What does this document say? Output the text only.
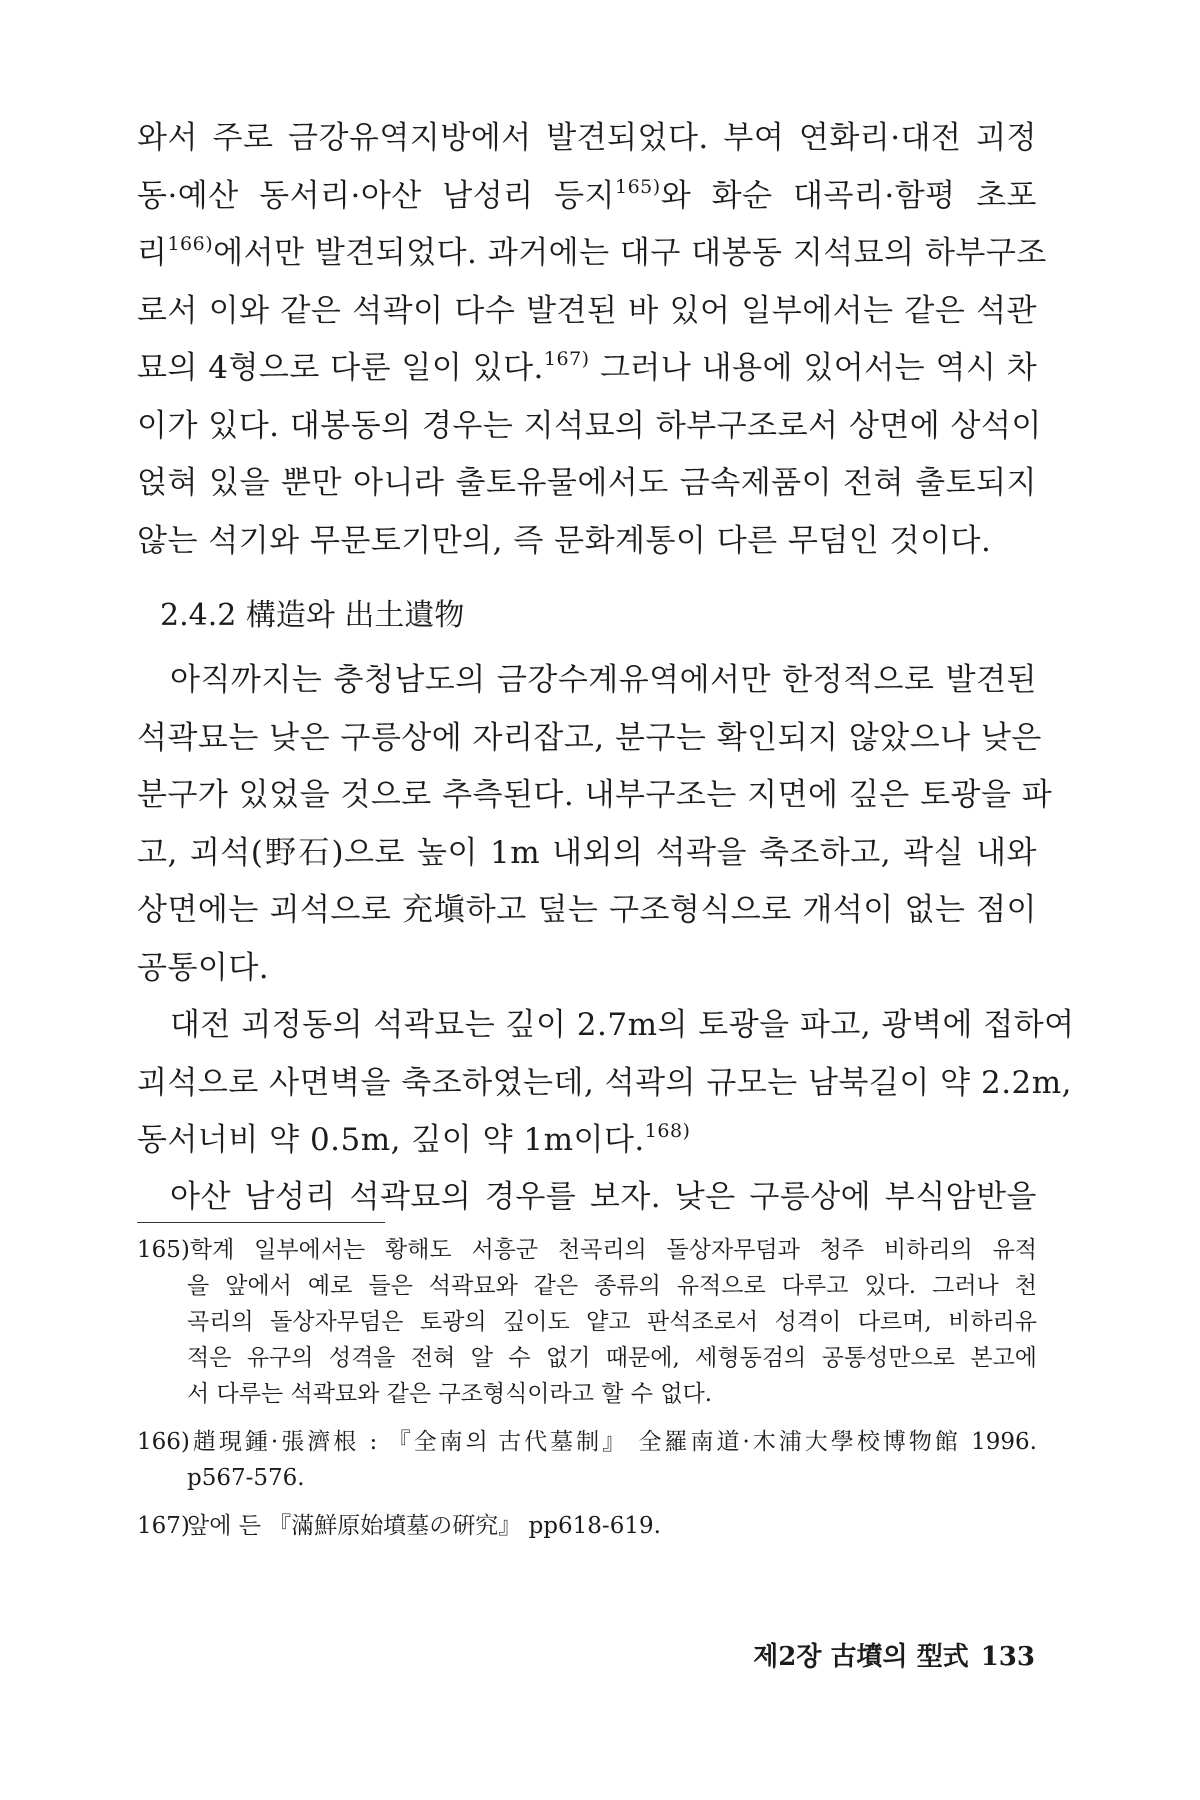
와서 주로 금강유역지방에서 발견되었다. 부여 연화리·대전 괴정
동·예산 동서리·아산 남성리 등지$^{165)}$와 화순 대곡리·함평 초포
리$^{166)}$에서만 발견되었다. 과거에는 대구 대봉동 지석묘의 하부구조
로서 이와 같은 석곽이 다수 발견된 바 있어 일부에서는 같은 석관
묘의 4형으로 다룬 일이 있다.$^{167)}$ 그러나 내용에 있어서는 역시 차
이가 있다. 대봉동의 경우는 지석묘의 하부구조로서 상면에 상석이
얹혀 있을 뿐만 아니라 출토유물에서도 금속제품이 전혀 출토되지
않는 석기와 무문토기만의, 즉 문화계통이 다른 무덤인 것이다.
2.4.2 構造와 出土遺物
아직까지는 충청남도의 금강수계유역에서만 한정적으로 발견된
석곽묘는 낮은 구릉상에 자리잡고, 분구는 확인되지 않았으나 낮은
분구가 있었을 것으로 추측된다. 내부구조는 지면에 깊은 토광을 파
고, 괴석(野石)으로 높이 1m 내외의 석곽을 축조하고, 곽실 내와
상면에는 괴석으로 充塡하고 덮는 구조형식으로 개석이 없는 점이
공통이다.
대전 괴정동의 석곽묘는 깊이 2.7m의 토광을 파고, 광벽에 접하여
괴석으로 사면벽을 축조하였는데, 석곽의 규모는 남북길이 약 2.2m,
동서너비 약 0.5m, 깊이 약 1m이다.$^{168)}$
아산 남성리 석곽묘의 경우를 보자. 낮은 구릉상에 부식암반을
165)학계 일부에서는 황해도 서흥군 천곡리의 돌상자무덤과 청주 비하리의 유적
을 앞에서 예로 들은 석곽묘와 같은 종류의 유적으로 다루고 있다. 그러나 천
곡리의 돌상자무덤은 토광의 깊이도 얕고 판석조로서 성격이 다르며, 비하리유
적은 유구의 성격을 전혀 알 수 없기 때문에, 세형동검의 공통성만으로 본고에
서 다루는 석곽묘와 같은 구조형식이라고 할 수 없다.
166)趙現鍾·張濟根 : 『全南의 古代墓制』 全羅南道·木浦大學校博物館 1996.
p567-576.
167)앞에 든 『滿鮮原始墳墓の硏究』 pp618-619.
제2장 古墳의 型式 133
